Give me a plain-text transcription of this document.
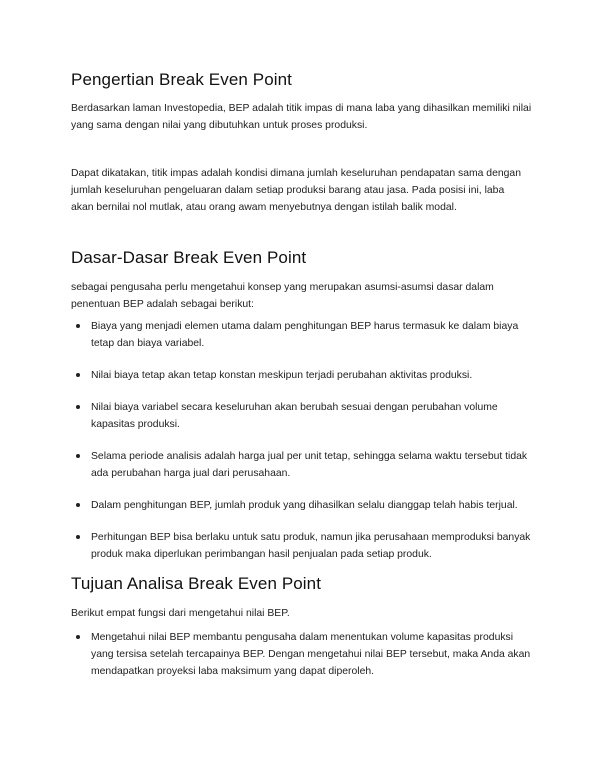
Pengertian Break Even Point

Berdasarkan laman Investopedia, BEP adalah titik impas di mana laba yang dihasilkan memiliki nilai yang sama dengan nilai yang dibutuhkan untuk proses produksi.

Dapat dikatakan, titik impas adalah kondisi dimana jumlah keseluruhan pendapatan sama dengan jumlah keseluruhan pengeluaran dalam setiap produksi barang atau jasa. Pada posisi ini, laba akan bernilai nol mutlak, atau orang awam menyebutnya dengan istilah balik modal.

Dasar-Dasar Break Even Point

sebagai pengusaha perlu mengetahui konsep yang merupakan asumsi-asumsi dasar dalam penentuan BEP adalah sebagai berikut:

Biaya yang menjadi elemen utama dalam penghitungan BEP harus termasuk ke dalam biaya tetap dan biaya variabel.
Nilai biaya tetap akan tetap konstan meskipun terjadi perubahan aktivitas produksi.
Nilai biaya variabel secara keseluruhan akan berubah sesuai dengan perubahan volume kapasitas produksi.
Selama periode analisis adalah harga jual per unit tetap, sehingga selama waktu tersebut tidak ada perubahan harga jual dari perusahaan.
Dalam penghitungan BEP, jumlah produk yang dihasilkan selalu dianggap telah habis terjual.
Perhitungan BEP bisa berlaku untuk satu produk, namun jika perusahaan memproduksi banyak produk maka diperlukan perimbangan hasil penjualan pada setiap produk.
Tujuan Analisa Break Even Point

Berikut empat fungsi dari mengetahui nilai BEP.

Mengetahui nilai BEP membantu pengusaha dalam menentukan volume kapasitas produksi yang tersisa setelah tercapainya BEP. Dengan mengetahui nilai BEP tersebut, maka Anda akan mendapatkan proyeksi laba maksimum yang dapat diperoleh.
